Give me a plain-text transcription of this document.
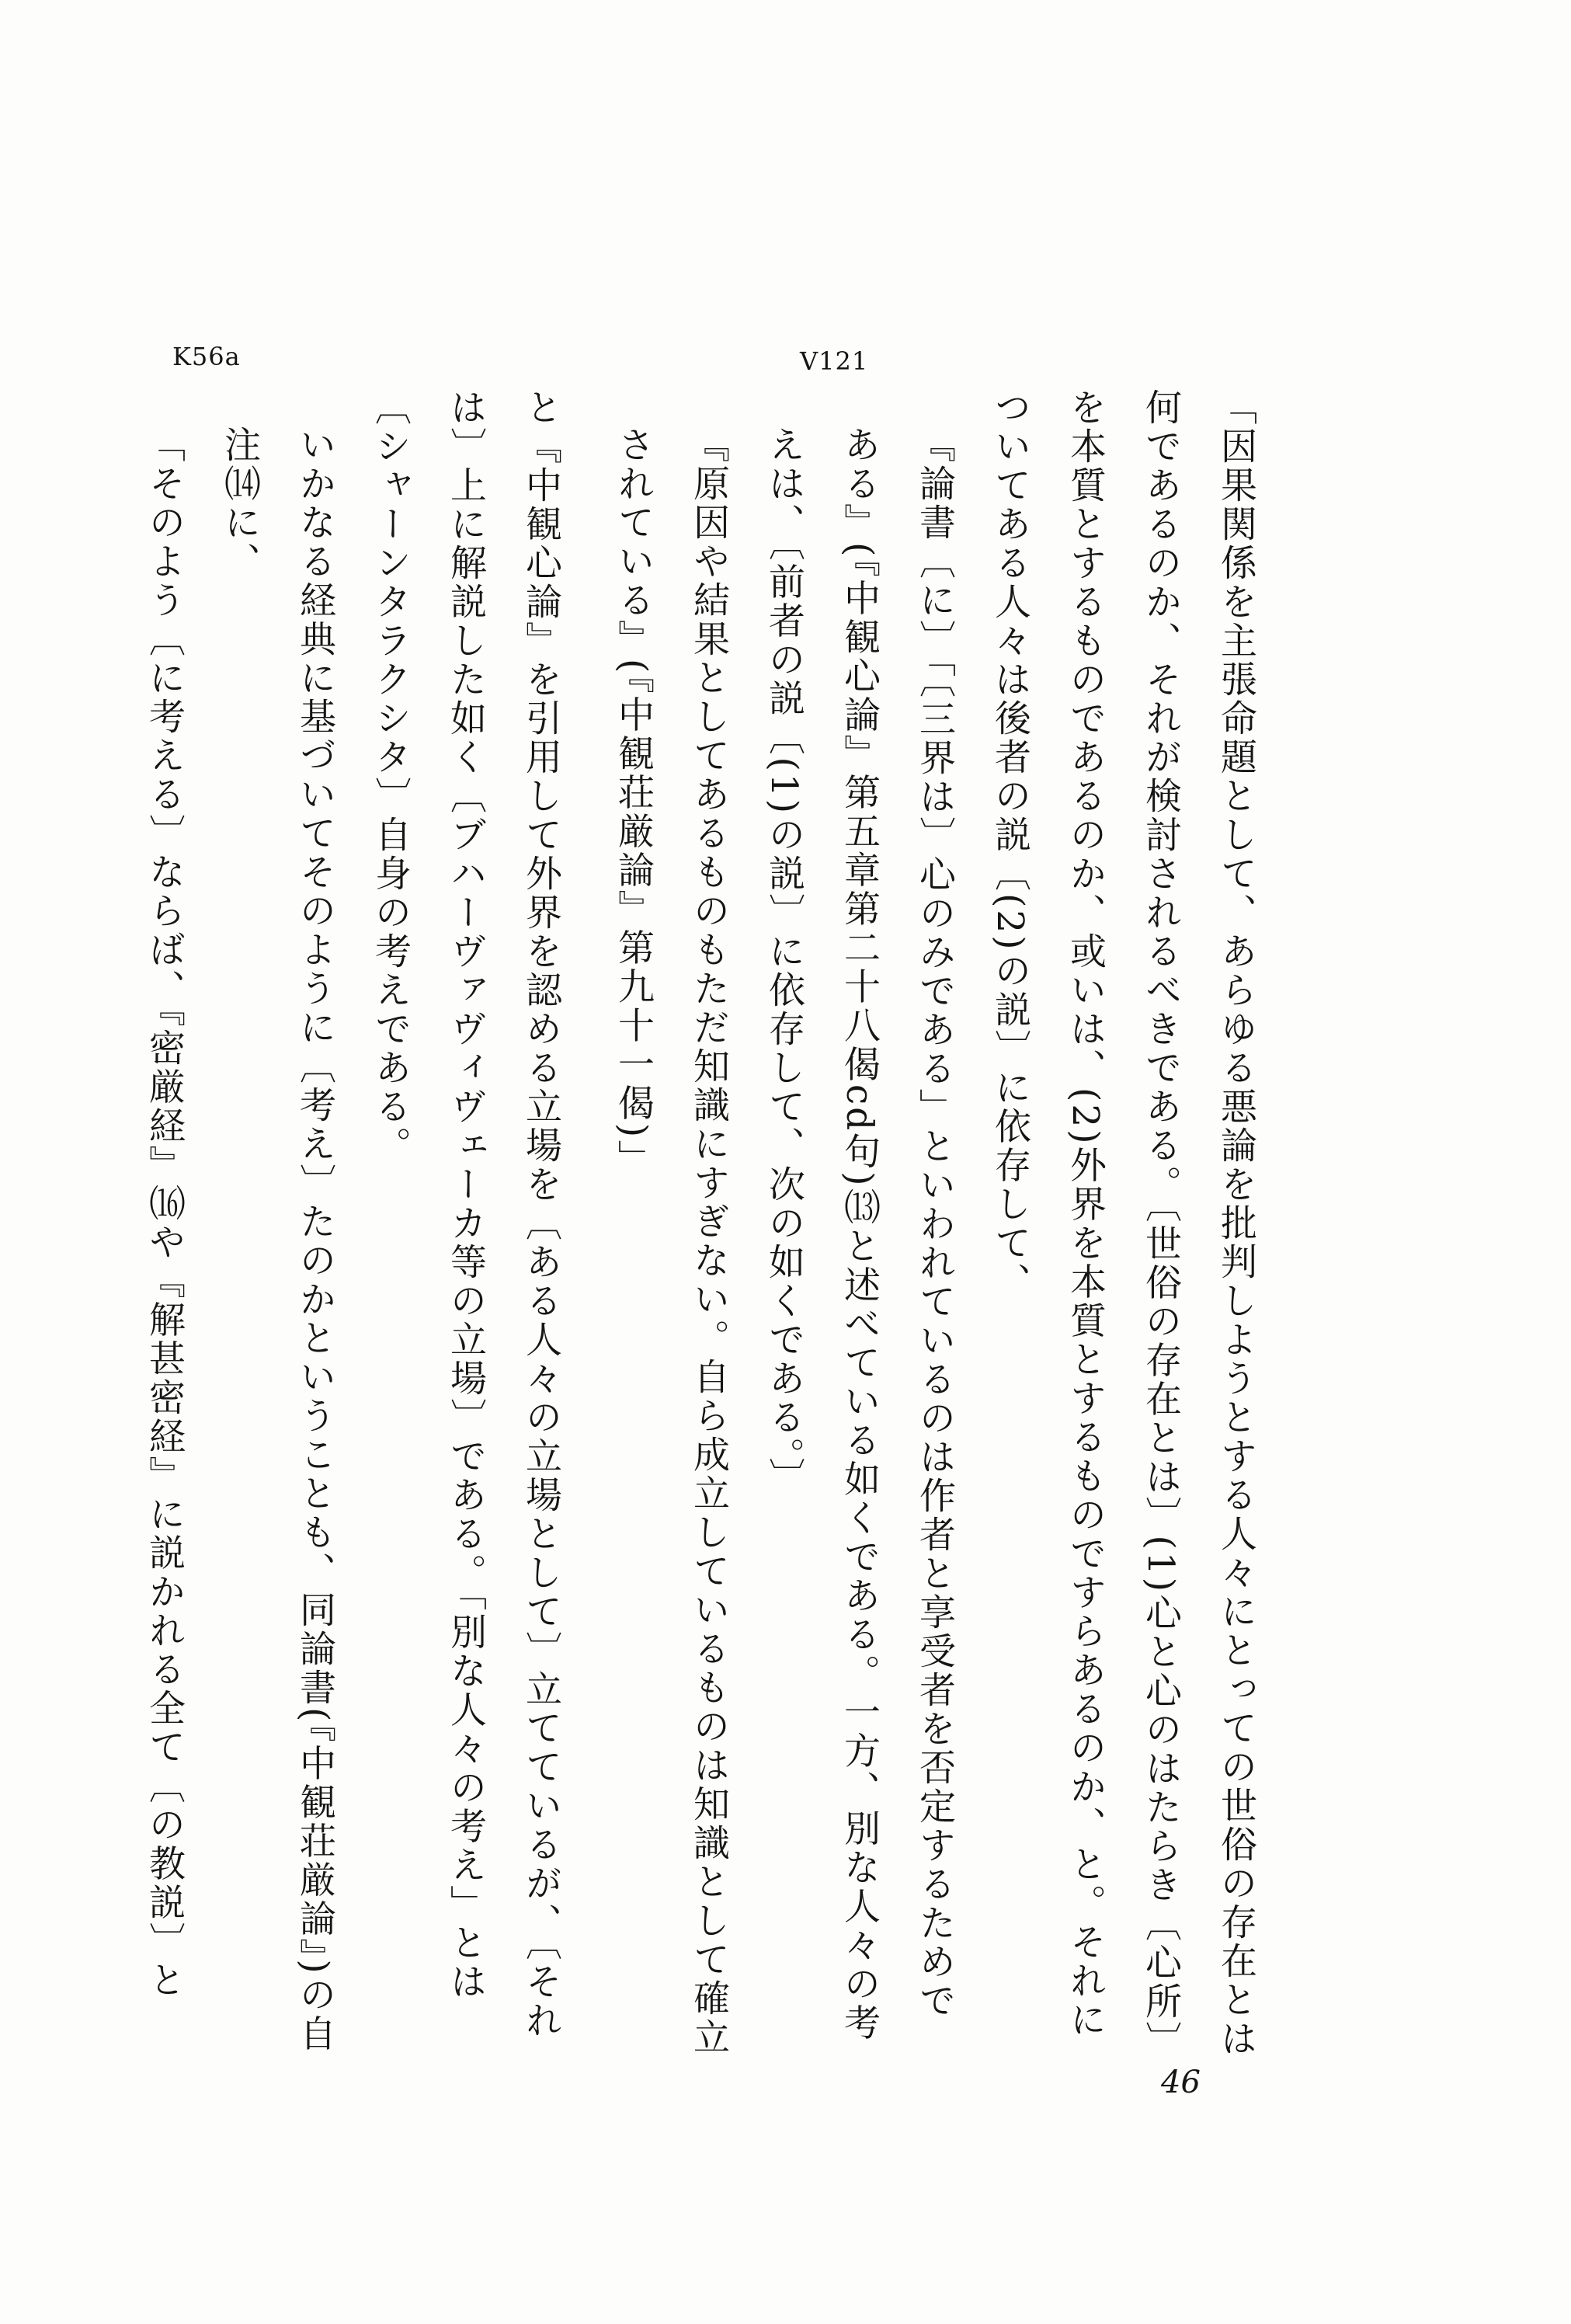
K56a	V121

「因果関係を主張命題として、あらゆる悪論を批判しようとする人々にとっての世俗の存在とは何であるのか、それが検討されるべきである。〔世俗の存在とは〕(1)心と心のはたらき〔心所〕を本質とするものであるのか、或いは、(2)外界を本質とするものですらあるのか、と。それについてある人々は後者の説〔(2)の説〕に依存して、

『論書〔に〕「〔三界は〕心のみである」といわれているのは作者と享受者を否定するためである』(『中観心論』第五章第二十八偈cd句)⒀と述べている如くである。一方、別な人々の考えは、〔前者の説〔(1)の説〕に依存して、次の如くである。〕

『原因や結果としてあるものもただ知識にすぎない。自ら成立しているものは知識として確立されている』(『中観荘厳論』第九十一偈)」

と『中観心論』を引用して外界を認める立場を〔ある人々の立場として〕立てているが、〔それは〕上に解説した如く〔ブハーヴァヴィヴェーカ等の立場〕である。「別な人々の考え」とは〔シャーンタラクシタ〕自身の考えである。

いかなる経典に基づいてそのように〔考え〕たのかということも、同論書(『中観荘厳論』)の自注⒁に、

「そのよう〔に考える〕ならば、『密厳経』⒃や『解甚密経』に説かれる全て〔の教説〕と

46
